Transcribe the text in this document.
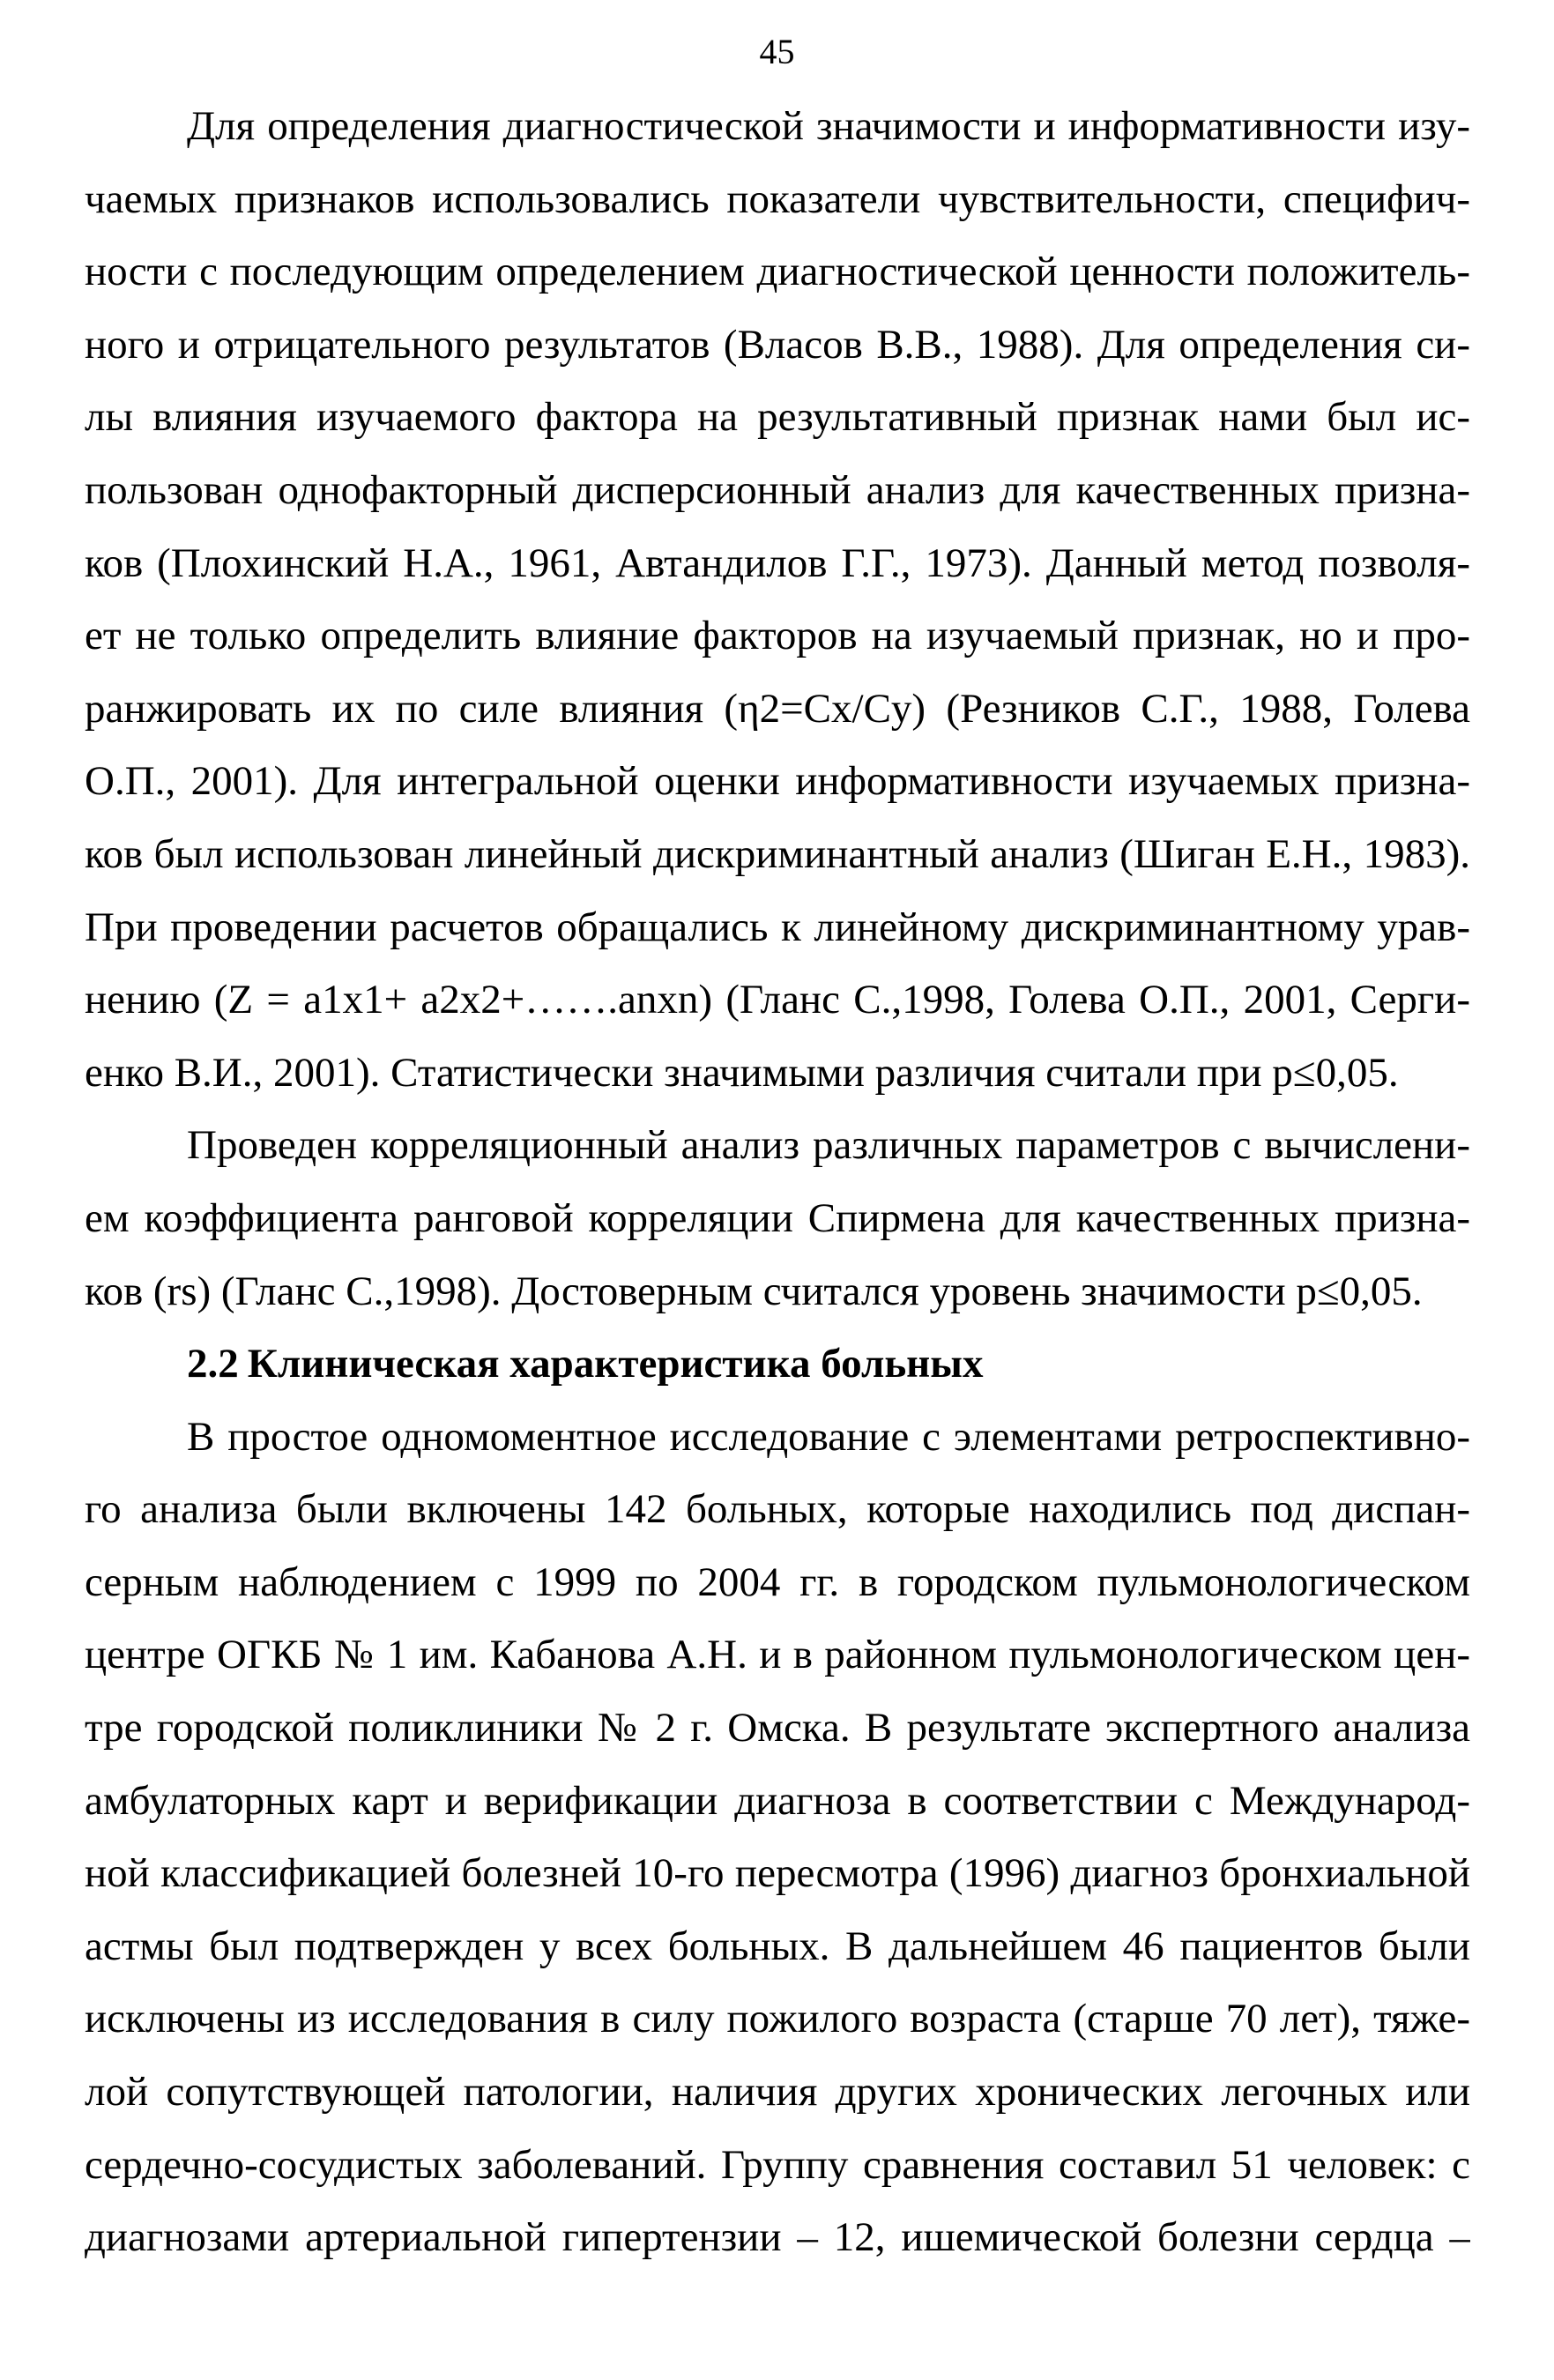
45
Для определения диагностической значимости и информативности изу-
чаемых признаков использовались показатели чувствительности, специфич-
ности с последующим определением диагностической ценности положитель-
ного и отрицательного результатов (Власов В.В., 1988). Для определения си-
лы влияния изучаемого фактора на результативный признак нами был ис-
пользован однофакторный дисперсионный анализ для качественных призна-
ков (Плохинский Н.А., 1961, Автандилов Г.Г., 1973). Данный метод позволя-
ет не только определить влияние факторов на изучаемый признак, но и про-
ранжировать их по силе влияния (η2=Cx/Cy) (Резников С.Г., 1988, Голева
О.П., 2001). Для интегральной оценки информативности изучаемых призна-
ков был использован линейный дискриминантный анализ (Шиган Е.Н., 1983).
При проведении расчетов обращались к линейному дискриминантному урав-
нению (Z = a1x1+ a2x2+…….anxn) (Гланс С.,1998, Голева О.П., 2001, Серги-
енко В.И., 2001). Статистически значимыми различия считали при p≤0,05.
Проведен корреляционный анализ различных параметров с вычислени-
ем коэффициента ранговой корреляции Спирмена для качественных призна-
ков (rs) (Гланс С.,1998). Достоверным считался уровень значимости p≤0,05.
2.2 Клиническая характеристика больных
В простое одномоментное исследование с элементами ретроспективно-
го анализа были включены 142 больных, которые находились под диспан-
серным наблюдением с 1999 по 2004 гг. в городском пульмонологическом
центре ОГКБ № 1 им. Кабанова А.Н. и в районном пульмонологическом цен-
тре городской поликлиники № 2 г. Омска. В результате экспертного анализа
амбулаторных карт и верификации диагноза в соответствии с Международ-
ной классификацией болезней 10-го пересмотра (1996) диагноз бронхиальной
астмы был подтвержден у всех больных. В дальнейшем 46 пациентов были
исключены из исследования в силу пожилого возраста (старше 70 лет), тяже-
лой сопутствующей патологии, наличия других хронических легочных или
сердечно-сосудистых заболеваний. Группу сравнения составил 51 человек: с
диагнозами артериальной гипертензии – 12, ишемической болезни сердца –
